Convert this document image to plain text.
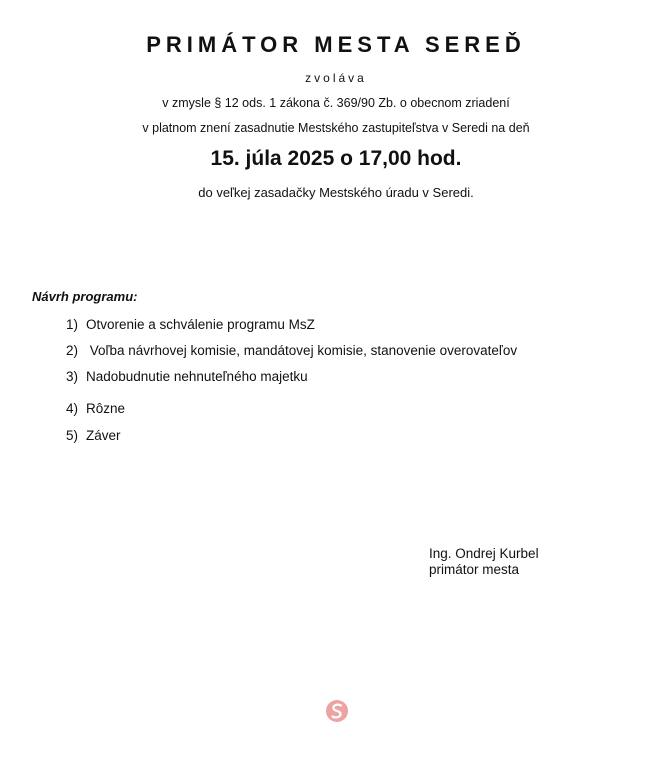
PRIMÁTOR MESTA SEREĎ
zvoláva
v zmysle § 12 ods. 1 zákona č. 369/90 Zb. o obecnom zriadení
v platnom znení zasadnutie Mestského zastupiteľstva v Seredi na deň
15. júla 2025 o 17,00 hod.
do veľkej zasadačky Mestského úradu v Seredi.
Návrh programu:
1) Otvorenie a schválenie programu MsZ
2) Voľba návrhovej komisie, mandátovej komisie, stanovenie overovateľov
3) Nadobudnutie nehnuteľného majetku
4) Rôzne
5) Záver
Ing. Ondrej Kurbel
primátor mesta
